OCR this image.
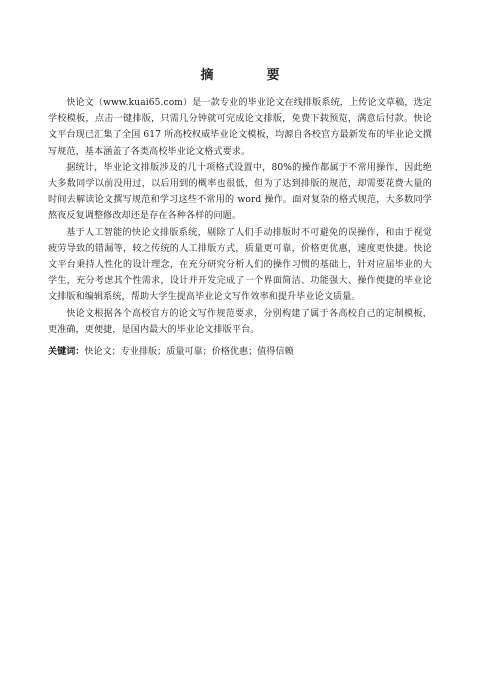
摘　要

快论文（www.kuai65.com）是一款专业的毕业论文在线排版系统，上传论文草稿，选定学校模板，点击一键排版，只需几分钟就可完成论文排版，免费下载预览，满意后付款。快论文平台现已汇集了全国 617 所高校权威毕业论文模板，均源自各校官方最新发布的毕业论文撰写规范，基本涵盖了各类高校毕业论文格式要求。

据统计，毕业论文排版涉及的几十项格式设置中，80%的操作都属于不常用操作，因此绝大多数同学以前没用过，以后用到的概率也很低，但为了达到排版的规范，却需要花费大量的时间去解读论文撰写规范和学习这些不常用的 word 操作。面对复杂的格式规范，大多数同学熬夜反复调整修改却还是存在各种各样的问题。

基于人工智能的快论文排版系统，剔除了人们手动排版时不可避免的误操作，和由于视觉疲劳导致的错漏等，较之传统的人工排版方式，质量更可靠，价格更优惠，速度更快捷。快论文平台秉持人性化的设计理念，在充分研究分析人们的操作习惯的基础上，针对应届毕业的大学生，充分考虑其个性需求，设计并开发完成了一个界面简洁、功能强大、操作便捷的毕业论文排版和编辑系统，帮助大学生提高毕业论文写作效率和提升毕业论文质量。

快论文根据各个高校官方的论文写作规范要求，分别构建了属于各高校自己的定制模板，更准确，更便捷，是国内最大的毕业论文排版平台。

关键词：快论文；专业排版；质量可靠；价格优惠；值得信赖
